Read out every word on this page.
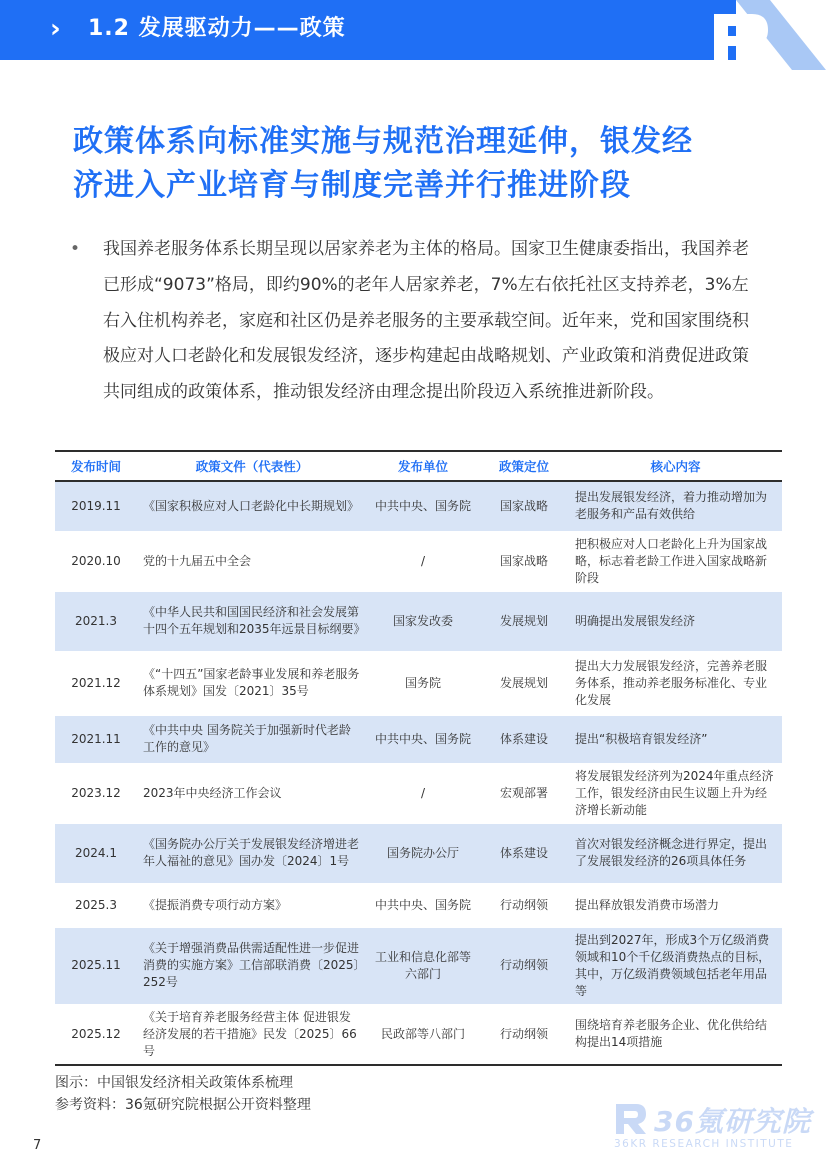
› 1.2 发展驱动力——政策
政策体系向标准实施与规范治理延伸，银发经
济进入产业培育与制度完善并行推进阶段
• 我国养老服务体系长期呈现以居家养老为主体的格局。国家卫生健康委指出，我国养老已形成“9073”格局，即约90%的老年人居家养老，7%左右依托社区支持养老，3%左右入住机构养老，家庭和社区仍是养老服务的主要承载空间。近年来，党和国家围绕积极应对人口老龄化和发展银发经济，逐步构建起由战略规划、产业政策和消费促进政策共同组成的政策体系，推动银发经济由理念提出阶段迈入系统推进新阶段。
发布时间	政策文件（代表性）	发布单位	政策定位	核心内容
2019.11	《国家积极应对人口老龄化中长期规划》	中共中央、国务院	国家战略	提出发展银发经济，着力推动增加为老服务和产品有效供给
2020.10	党的十九届五中全会	/	国家战略	把积极应对人口老龄化上升为国家战略，标志着老龄工作进入国家战略新阶段
2021.3	《中华人民共和国国民经济和社会发展第十四个五年规划和2035年远景目标纲要》	国家发改委	发展规划	明确提出发展银发经济
2021.12	《“十四五”国家老龄事业发展和养老服务体系规划》国发〔2021〕35号	国务院	发展规划	提出大力发展银发经济，完善养老服务体系，推动养老服务标准化、专业化发展
2021.11	《中共中央 国务院关于加强新时代老龄工作的意见》	中共中央、国务院	体系建设	提出“积极培育银发经济”
2023.12	2023年中央经济工作会议	/	宏观部署	将发展银发经济列为2024年重点经济工作，银发经济由民生议题上升为经济增长新动能
2024.1	《国务院办公厅关于发展银发经济增进老年人福祉的意见》国办发〔2024〕1号	国务院办公厅	体系建设	首次对银发经济概念进行界定，提出了发展银发经济的26项具体任务
2025.3	《提振消费专项行动方案》	中共中央、国务院	行动纲领	提出释放银发消费市场潜力
2025.11	《关于增强消费品供需适配性进一步促进消费的实施方案》工信部联消费〔2025〕252号	工业和信息化部等六部门	行动纲领	提出到2027年，形成3个万亿级消费领域和10个千亿级消费热点的目标，其中，万亿级消费领域包括老年用品等
2025.12	《关于培育养老服务经营主体 促进银发经济发展的若干措施》民发〔2025〕66号	民政部等八部门	行动纲领	围绕培育养老服务企业、优化供给结构提出14项措施
图示：中国银发经济相关政策体系梳理
参考资料：36氪研究院根据公开资料整理	36氪研究院
36KR RESEARCH INSTITUTE
7
